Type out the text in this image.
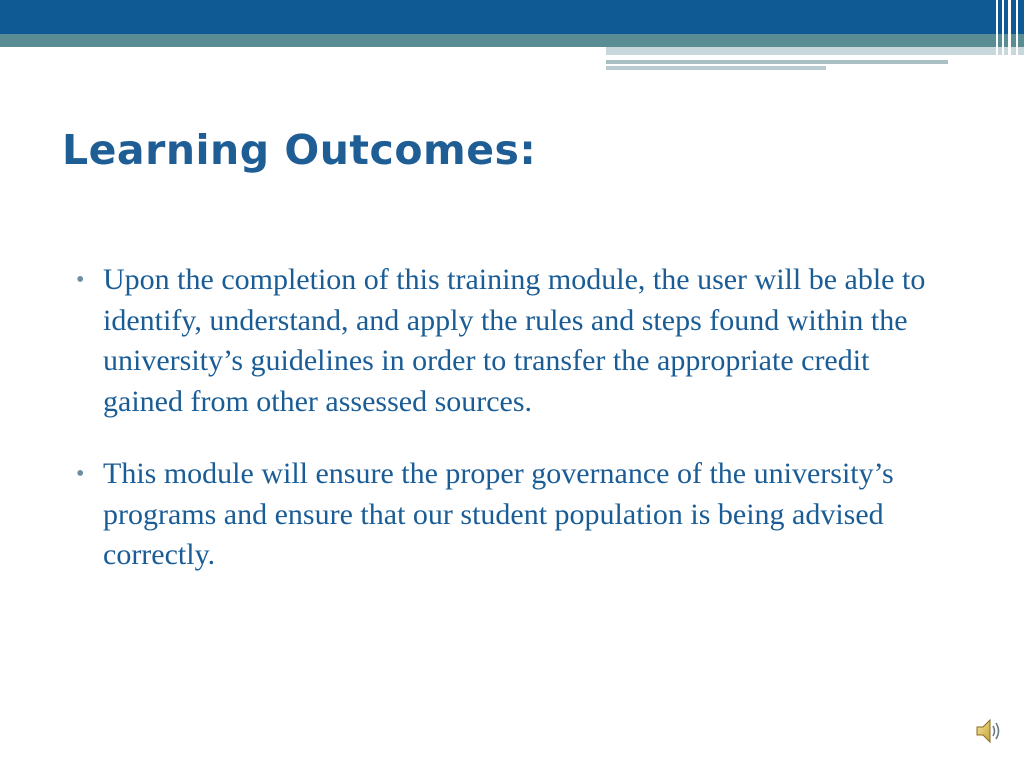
Learning Outcomes:
• Upon the completion of this training module, the user will be able to identify, understand, and apply the rules and steps found within the university’s guidelines in order to transfer the appropriate credit gained from other assessed sources.
• This module will ensure the proper governance of the university’s programs and ensure that our student population is being advised correctly.
